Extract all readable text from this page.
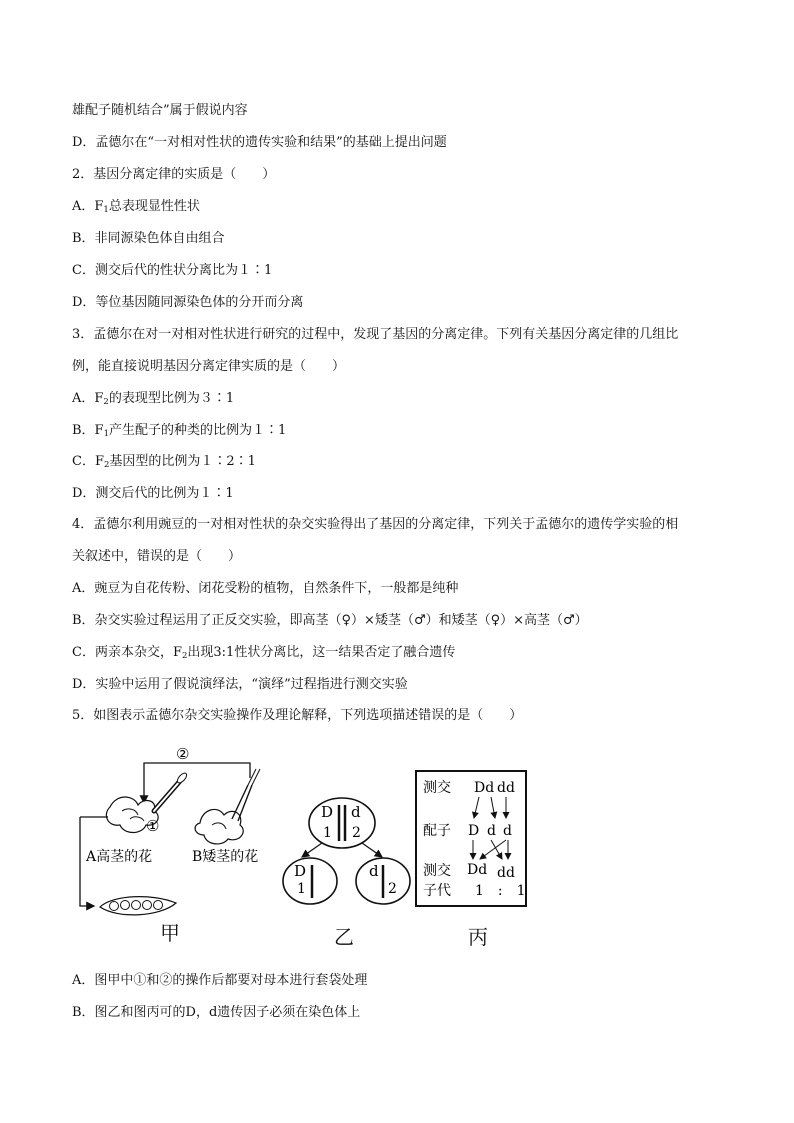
雄配子随机结合”属于假说内容
D．孟德尔在“一对相对性状的遗传实验和结果”的基础上提出问题
2．基因分离定律的实质是（　　）
A．$F_1$总表现显性性状
B．非同源染色体自由组合
C．测交后代的性状分离比为１∶1
D．等位基因随同源染色体的分开而分离
3．孟德尔在对一对相对性状进行研究的过程中，发现了基因的分离定律。下列有关基因分离定律的几组比
例，能直接说明基因分离定律实质的是（　　）
A．$F_2$的表现型比例为３∶1
B．$F_1$产生配子的种类的比例为１∶1
C．$F_2$基因型的比例为１∶2∶1
D．测交后代的比例为１∶1
4．孟德尔利用豌豆的一对相对性状的杂交实验得出了基因的分离定律，下列关于孟德尔的遗传学实验的相
关叙述中，错误的是（　　）
A．豌豆为自花传粉、闭花受粉的植物，自然条件下，一般都是纯种
B．杂交实验过程运用了正反交实验，即高茎（♀）×矮茎（♂）和矮茎（♀）×高茎（♂）
C．两亲本杂交，$F_2$出现3:1性状分离比，这一结果否定了融合遗传
D．实验中运用了假说演绎法，“演绎”过程指进行测交实验
5．如图表示孟德尔杂交实验操作及理论解释，下列选项描述错误的是（　　）
②
①
A高茎的花	B矮茎的花
D d
1 2
D
1
d
2
测交
配子
测交
子代
Dd dd
D d d
Dd dd
1　:　1
甲	乙	丙
A．图甲中①和②的操作后都要对母本进行套袋处理
B．图乙和图丙可的D，d遗传因子必须在染色体上
